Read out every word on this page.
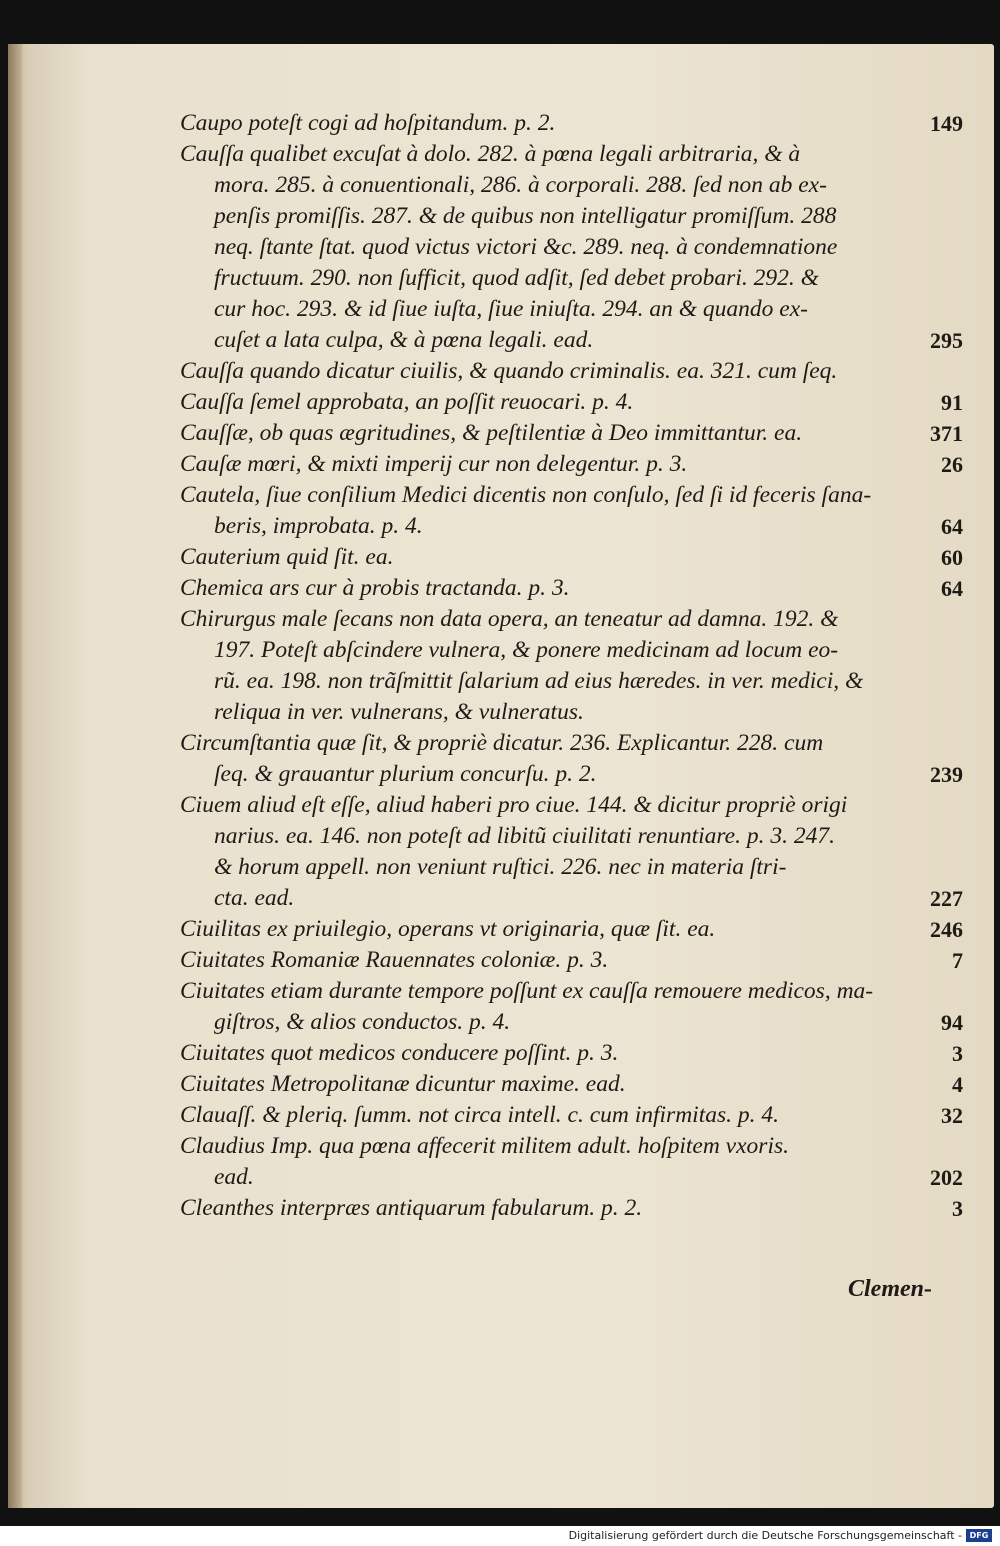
Caupo poteſt cogi ad hoſpitandum. p. 2.	149
Cauſſa qualibet excuſat à dolo. 282. à pœna legali arbitraria, & à
mora. 285. à conuentionali, 286. à corporali. 288. ſed non ab ex-
penſis promiſſis. 287. & de quibus non intelligatur promiſſum. 288
neq. ſtante ſtat. quod victus victori &c. 289. neq. à condemnatione
fructuum. 290. non ſufficit, quod adſit, ſed debet probari. 292. &
cur hoc. 293. & id ſiue iuſta, ſiue iniuſta. 294. an & quando ex-
cuſet a lata culpa, & à pœna legali. ead.	295
Cauſſa quando dicatur ciuilis, & quando criminalis. ea. 321. cum ſeq.
Cauſſa ſemel approbata, an poſſit reuocari. p. 4.	91
Cauſſæ, ob quas ægritudines, & peſtilentiæ à Deo immittantur. ea.	371
Cauſæ mœri, & mixti imperij cur non delegentur. p. 3.	26
Cautela, ſiue conſilium Medici dicentis non conſulo, ſed ſi id feceris ſana-
beris, improbata. p. 4.	64
Cauterium quid ſit. ea.	60
Chemica ars cur à probis tractanda. p. 3.	64
Chirurgus male ſecans non data opera, an teneatur ad damna. 192. &
197. Poteſt abſcindere vulnera, & ponere medicinam ad locum eo-
rũ. ea. 198. non trãſmittit ſalarium ad eius hæredes. in ver. medici, &
reliqua in ver. vulnerans, & vulneratus.
Circumſtantia quæ ſit, & propriè dicatur. 236. Explicantur. 228. cum
ſeq. & grauantur plurium concurſu. p. 2.	239
Ciuem aliud eſt eſſe, aliud haberi pro ciue. 144. & dicitur propriè origi
narius. ea. 146. non poteſt ad libitũ ciuilitati renuntiare. p. 3. 247.
& horum appell. non veniunt ruſtici. 226. nec in materia ſtri-
cta. ead.	227
Ciuilitas ex priuilegio, operans vt originaria, quæ ſit. ea.	246
Ciuitates Romaniæ Rauennates coloniæ. p. 3.	7
Ciuitates etiam durante tempore poſſunt ex cauſſa remouere medicos, ma-
giſtros, & alios conductos. p. 4.	94
Ciuitates quot medicos conducere poſſint. p. 3.	3
Ciuitates Metropolitanæ dicuntur maxime. ead.	4
Clauaſſ. & pleriq. ſumm. not circa intell. c. cum infirmitas. p. 4.	32
Claudius Imp. qua pœna affecerit militem adult. hoſpitem vxoris.
ead.	202
Cleanthes interpræs antiquarum fabularum. p. 2.	3
Clemen-
Digitalisierung gefördert durch die Deutsche Forschungsgemeinschaft - DFG
